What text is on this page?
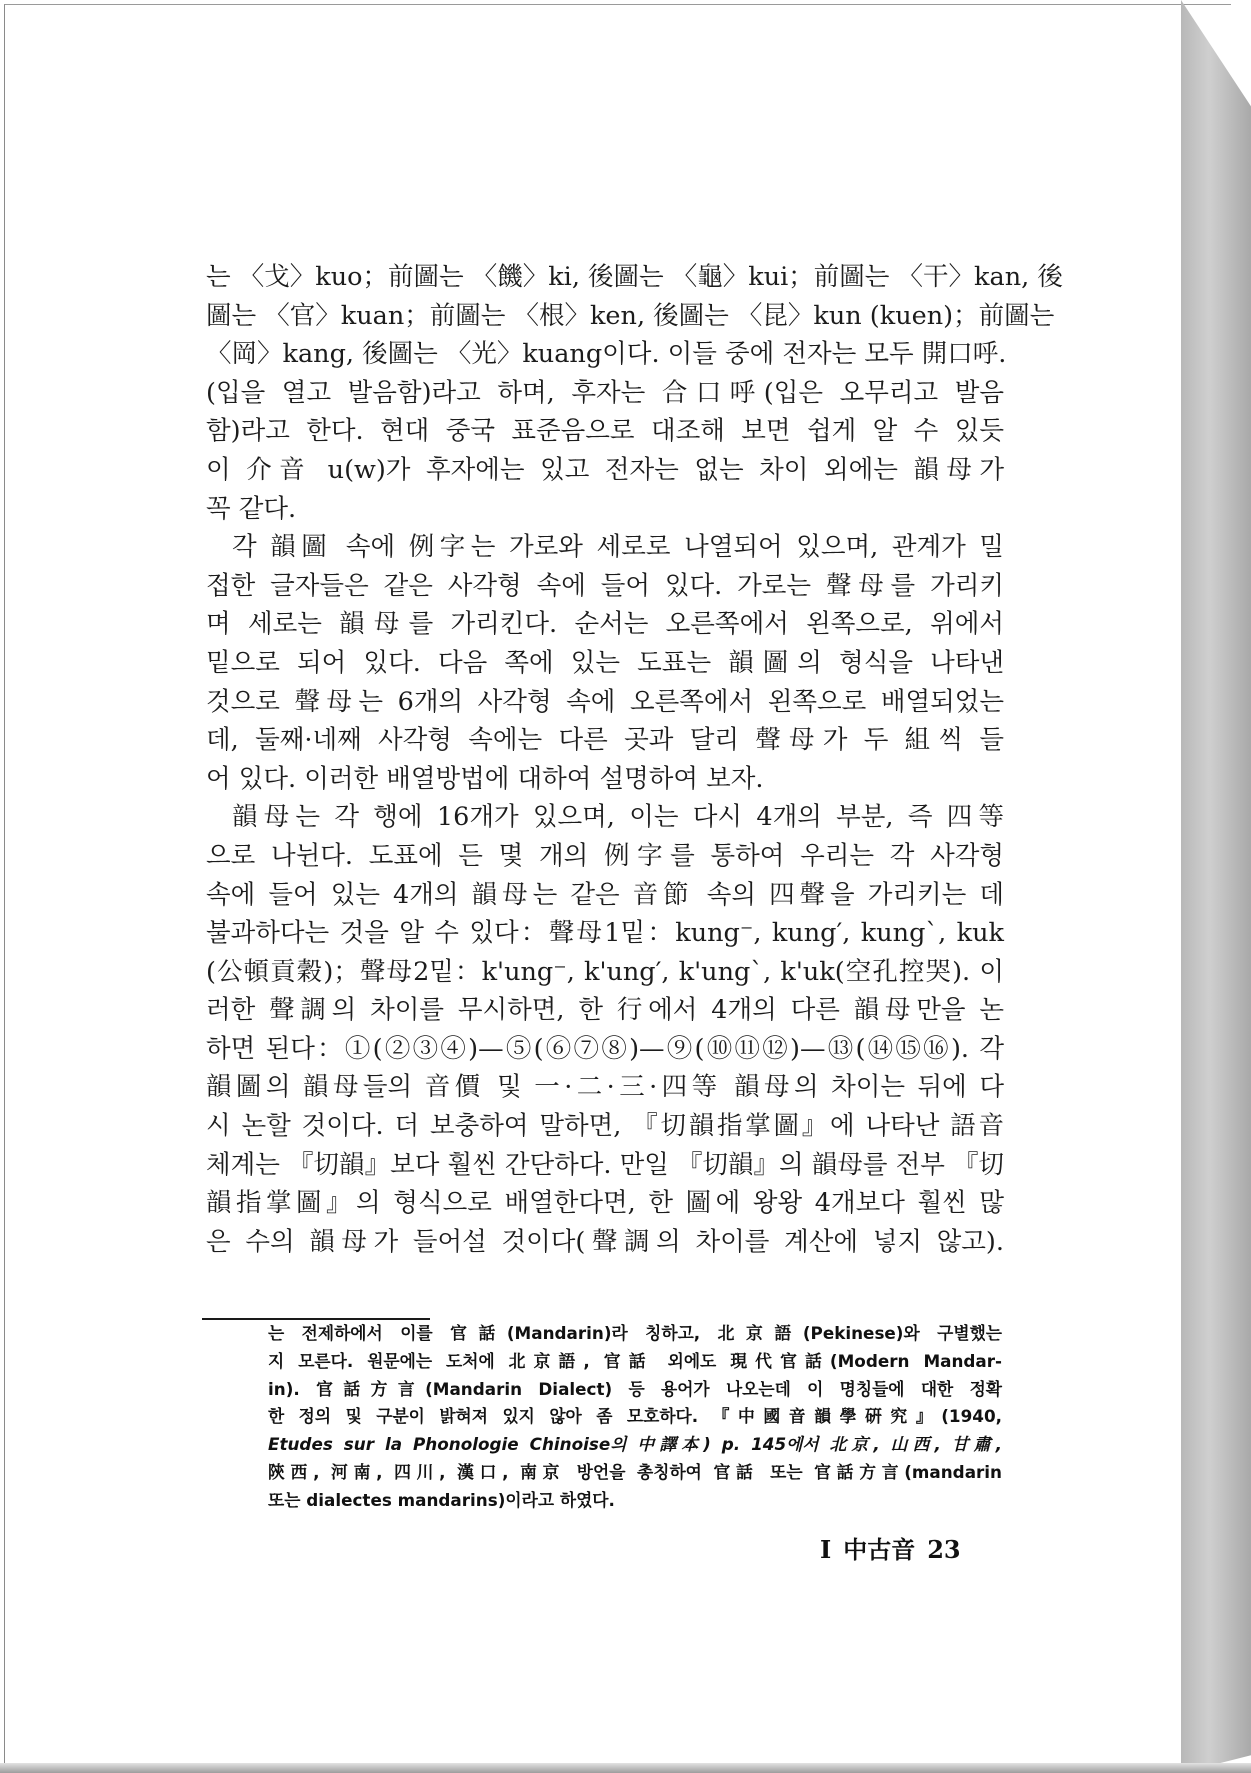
는 〈戈〉kuo；前圖는 〈饑〉ki, 後圖는 〈龜〉kui；前圖는 〈干〉kan, 後
圖는 〈官〉kuan；前圖는 〈根〉ken, 後圖는 〈昆〉kun (kuen)；前圖는
〈岡〉kang, 後圖는 〈光〉kuang이다. 이들 중에 전자는 모두 開口呼.
(입을 열고 발음함)라고 하며, 후자는 合口呼(입은 오무리고 발음
함)라고 한다. 현대 중국 표준음으로 대조해 보면 쉽게 알 수 있듯
이 介音 u(w)가 후자에는 있고 전자는 없는 차이 외에는 韻母가
꼭 같다.
각 韻圖 속에 例字는 가로와 세로로 나열되어 있으며, 관계가 밀
접한 글자들은 같은 사각형 속에 들어 있다. 가로는 聲母를 가리키
며 세로는 韻母를 가리킨다. 순서는 오른쪽에서 왼쪽으로, 위에서
밑으로 되어 있다. 다음 쪽에 있는 도표는 韻圖의 형식을 나타낸
것으로 聲母는 6개의 사각형 속에 오른쪽에서 왼쪽으로 배열되었는
데, 둘째·네째 사각형 속에는 다른 곳과 달리 聲母가 두 組씩 들
어 있다. 이러한 배열방법에 대하여 설명하여 보자.
韻母는 각 행에 16개가 있으며, 이는 다시 4개의 부분, 즉 四等
으로 나뉜다. 도표에 든 몇 개의 例字를 통하여 우리는 각 사각형
속에 들어 있는 4개의 韻母는 같은 音節 속의 四聲을 가리키는 데
불과하다는 것을 알 수 있다：聲母1밑：kung⁻, kung′, kung`, kuk
(公頓貢穀)；聲母2밑：k'ung⁻, k'ung′, k'ung`, k'uk(空孔控哭). 이
러한 聲調의 차이를 무시하면, 한 行에서 4개의 다른 韻母만을 논
하면 된다：①(②③④)—⑤(⑥⑦⑧)—⑨(⑩⑪⑫)—⑬(⑭⑮⑯). 각
韻圖의 韻母들의 音價 및 一·二·三·四等 韻母의 차이는 뒤에 다
시 논할 것이다. 더 보충하여 말하면, 『切韻指掌圖』에 나타난 語音
체계는 『切韻』보다 훨씬 간단하다. 만일 『切韻』의 韻母를 전부 『切
韻指掌圖』의 형식으로 배열한다면, 한 圖에 왕왕 4개보다 훨씬 많
은 수의 韻母가 들어설 것이다(聲調의 차이를 계산에 넣지 않고).
는 전제하에서 이를 官話(Mandarin)라 칭하고, 北京語(Pekinese)와 구별했는
지 모른다. 원문에는 도처에 北京語, 官話 외에도 現代官話(Modern Mandar-
in). 官話方言(Mandarin Dialect) 등 용어가 나오는데 이 명칭들에 대한 정확
한 정의 및 구분이 밝혀져 있지 않아 좀 모호하다. 『中國音韻學硏究』(1940,
Etudes sur la Phonologie Chinoise의 中譯本) p. 145에서 北京, 山西, 甘肅,
陝西, 河南, 四川, 漢口, 南京 방언을 총칭하여 官話 또는 官話方言(mandarin
또는 dialectes mandarins)이라고 하였다.
I 中古音 23
